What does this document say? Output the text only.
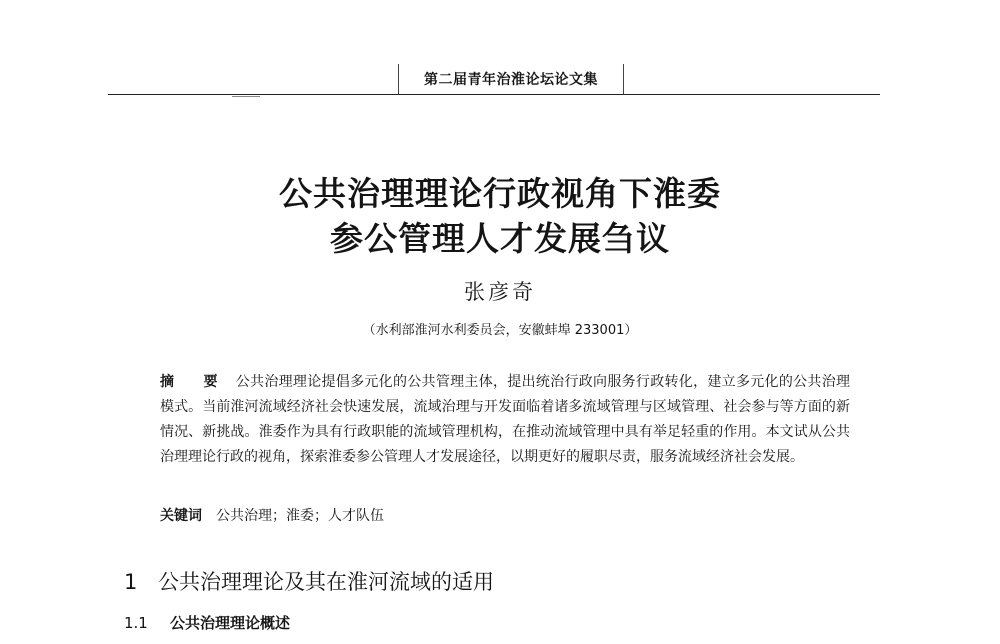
第二届青年治淮论坛论文集
公共治理理论行政视角下淮委
参公管理人才发展刍议
张彦奇
（水利部淮河水利委员会，安徽蚌埠 233001）
摘 要 公共治理理论提倡多元化的公共管理主体，提出统治行政向服务行政转化，建立多元化的公共治理模式。当前淮河流域经济社会快速发展，流域治理与开发面临着诸多流域管理与区域管理、社会参与等方面的新情况、新挑战。淮委作为具有行政职能的流域管理机构，在推动流域管理中具有举足轻重的作用。本文试从公共治理理论行政的视角，探索淮委参公管理人才发展途径，以期更好的履职尽责，服务流域经济社会发展。
关键词 公共治理；淮委；人才队伍
1 公共治理理论及其在淮河流域的适用
1.1 公共治理理论概述
